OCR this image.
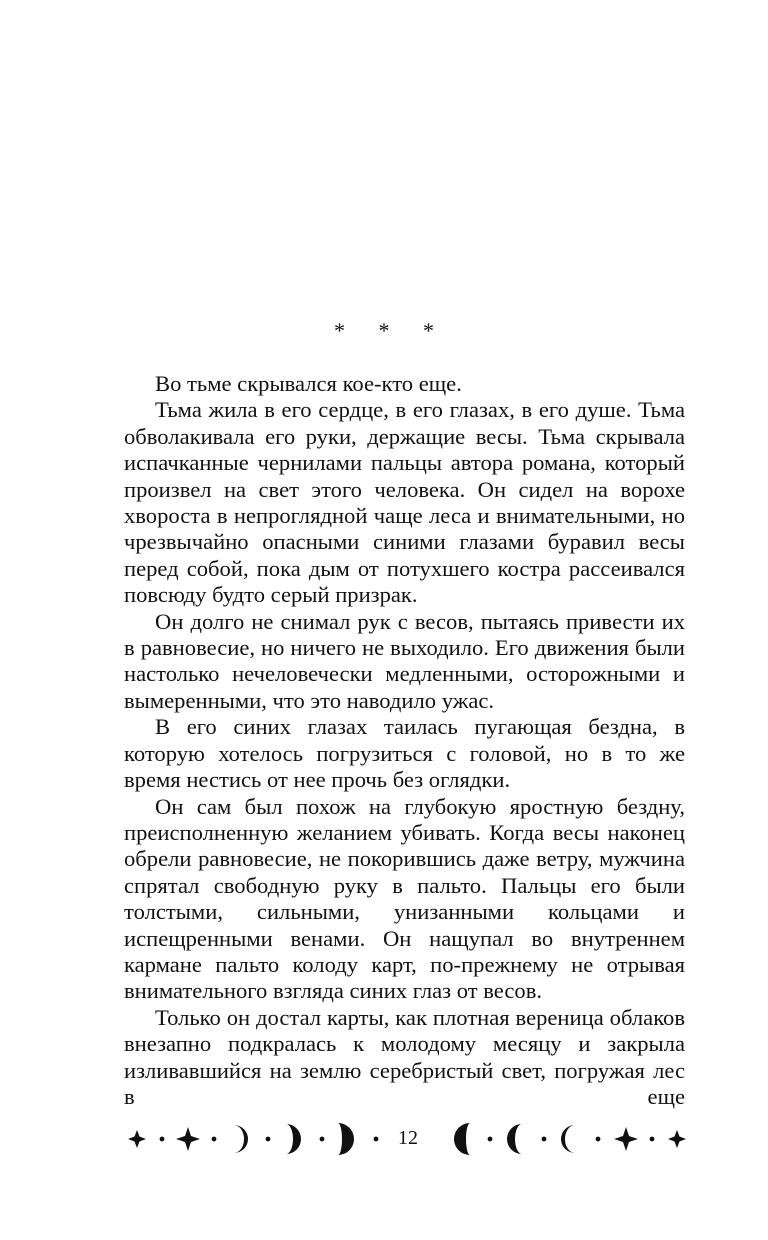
* * *

Во тьме скрывался кое-кто еще.

Тьма жила в его сердце, в его глазах, в его душе. Тьма обволакивала его руки, держащие весы. Тьма скрывала испачканные чернилами пальцы автора романа, который произвел на свет этого человека. Он сидел на ворохе хвороста в непроглядной чаще леса и внимательными, но чрезвычайно опасными синими глазами буравил весы перед собой, пока дым от потухшего костра рассеивался повсюду будто серый призрак.

Он долго не снимал рук с весов, пытаясь привести их в равновесие, но ничего не выходило. Его движения были настолько нечеловечески медленными, осторожными и вымеренными, что это наводило ужас.

В его синих глазах таилась пугающая бездна, в которую хотелось погрузиться с головой, но в то же время нестись от нее прочь без оглядки.

Он сам был похож на глубокую яростную бездну, преисполненную желанием убивать. Когда весы наконец обрели равновесие, не покорившись даже ветру, мужчина спрятал свободную руку в пальто. Пальцы его были толстыми, сильными, унизанными кольцами и испещренными венами. Он нащупал во внутреннем кармане пальто колоду карт, по-прежнему не отрывая внимательного взгляда синих глаз от весов.

Только он достал карты, как плотная вереница облаков внезапно подкралась к молодому месяцу и закрыла изливавшийся на землю серебристый свет, погружая лес в еще

12
